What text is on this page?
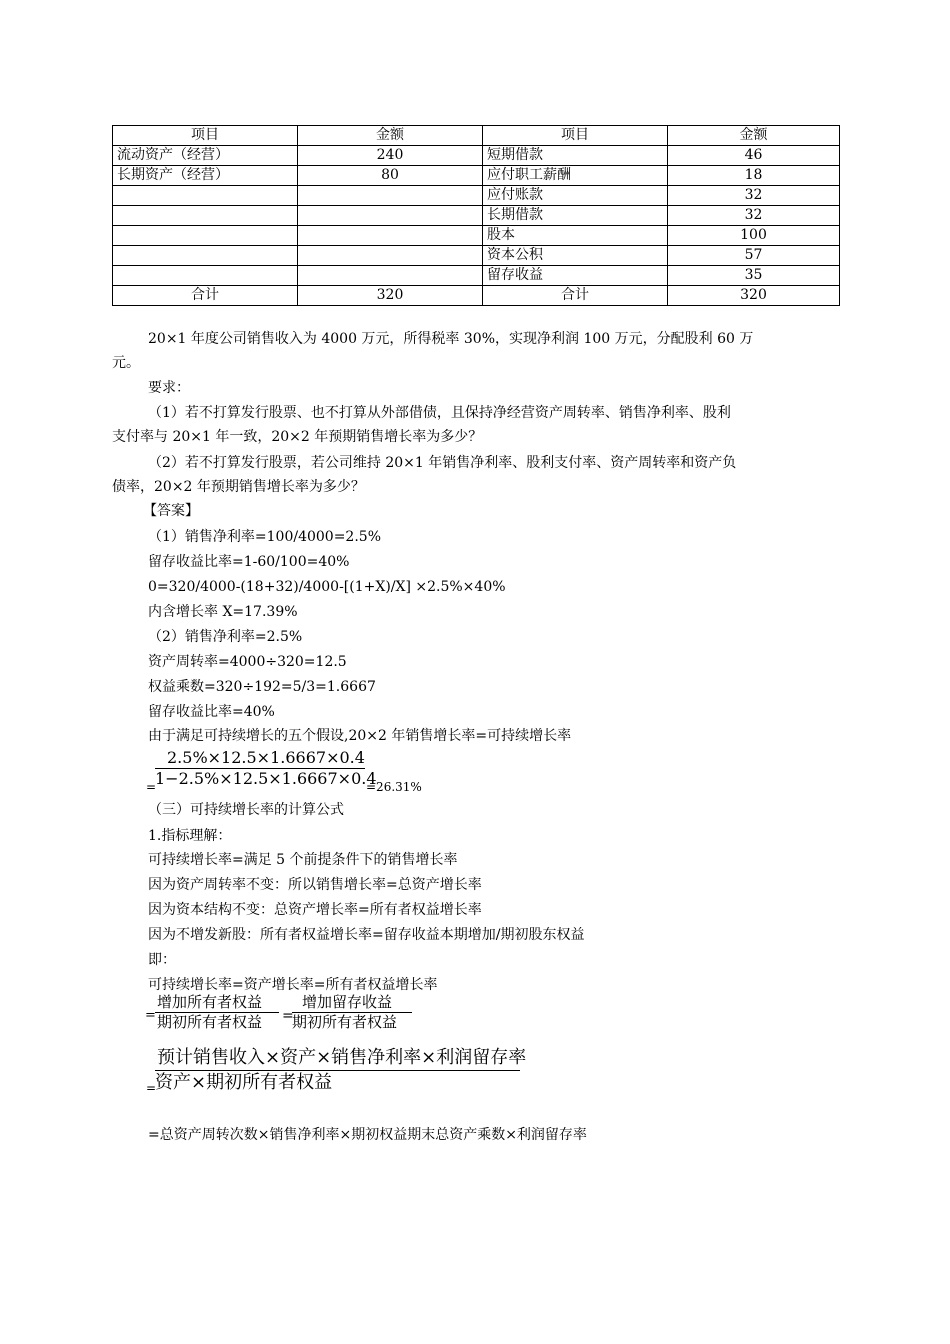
项目	金额	项目	金额
流动资产（经营）	240	短期借款	46
长期资产（经营）	80	应付职工薪酬	18
		应付账款	32
		长期借款	32
		股本	100
		资本公积	57
		留存收益	35
合计	320	合计	320
20×1 年度公司销售收入为 4000 万元，所得税率 30%，实现净利润 100 万元，分配股利 60 万
元。
要求：
（1）若不打算发行股票、也不打算从外部借债，且保持净经营资产周转率、销售净利率、股利
支付率与 20×1 年一致，20×2 年预期销售增长率为多少？
（2）若不打算发行股票，若公司维持 20×1 年销售净利率、股利支付率、资产周转率和资产负
债率，20×2 年预期销售增长率为多少？
【答案】
（1）销售净利率=100/4000=2.5%
留存收益比率=1-60/100=40%
0=320/4000-(18+32)/4000-[(1+X)/X] ×2.5%×40%
内含增长率 X=17.39%
（2）销售净利率=2.5%
资产周转率=4000÷320=12.5
权益乘数=320÷192=5/3=1.6667
留存收益比率=40%
由于满足可持续增长的五个假设,20×2 年销售增长率=可持续增长率
2.5%×12.5×1.6667×0.4
1−2.5%×12.5×1.6667×0.4
=	=26.31%
（三）可持续增长率的计算公式
1.指标理解：
可持续增长率=满足 5 个前提条件下的销售增长率
因为资产周转率不变：所以销售增长率=总资产增长率
因为资本结构不变：总资产增长率=所有者权益增长率
因为不增发新股：所有者权益增长率=留存收益本期增加/期初股东权益
即：
可持续增长率=资产增长率=所有者权益增长率
=
增加所有者权益
期初所有者权益	=
增加留存收益
期初所有者权益
预计销售收入×资产×销售净利率×利润留存率
资产×期初所有者权益
=
=总资产周转次数×销售净利率×期初权益期末总资产乘数×利润留存率
